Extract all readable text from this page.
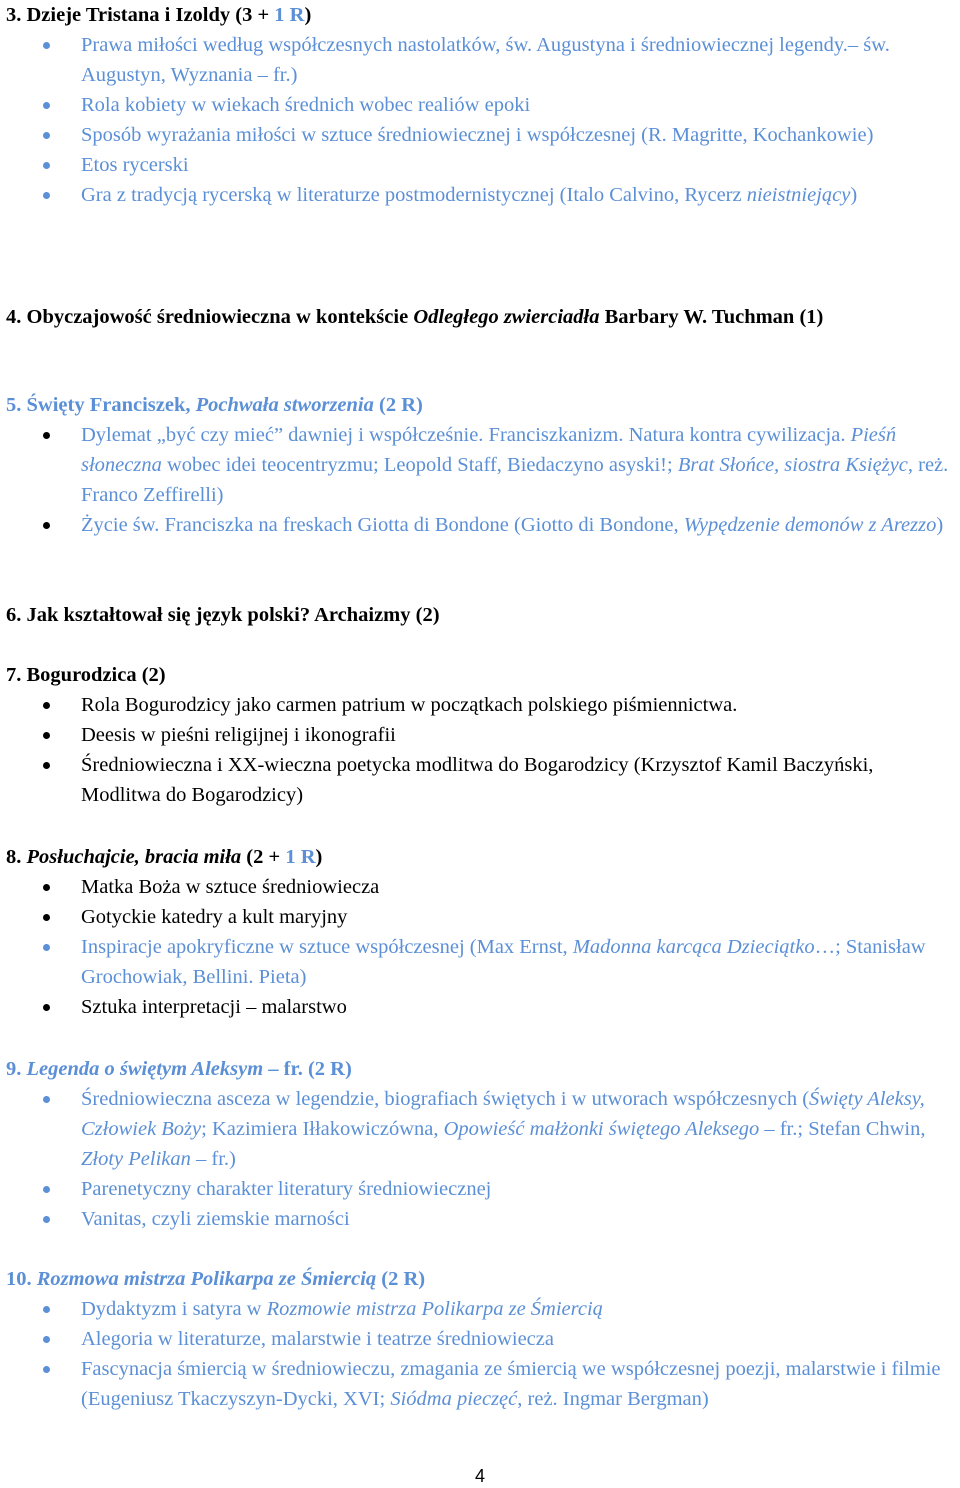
3. Dzieje Tristana i Izoldy (3 + 1 R)

Prawa miłości według współczesnych nastolatków, św. Augustyna i średniowiecznej legendy.– św. Augustyn, Wyznania – fr.)
Rola kobiety w wiekach średnich wobec realiów epoki
Sposób wyrażania miłości w sztuce średniowiecznej i współczesnej (R. Magritte, Kochankowie)
Etos rycerski
Gra z tradycją rycerską w literaturze postmodernistycznej (Italo Calvino, Rycerz nieistniejący)

4. Obyczajowość średniowieczna w kontekście Odległego zwierciadła Barbary W. Tuchman (1)

5. Święty Franciszek, Pochwała stworzenia (2 R)

Dylemat „być czy mieć” dawniej i współcześnie. Franciszkanizm. Natura kontra cywilizacja. Pieśń słoneczna wobec idei teocentryzmu; Leopold Staff, Biedaczyno asyski!; Brat Słońce, siostra Księżyc, reż. Franco Zeffirelli)
Życie św. Franciszka na freskach Giotta di Bondone (Giotto di Bondone, Wypędzenie demonów z Arezzo)

6. Jak kształtował się język polski? Archaizmy (2)

7. Bogurodzica (2)

Rola Bogurodzicy jako carmen patrium w początkach polskiego piśmiennictwa.
Deesis w pieśni religijnej i ikonografii
Średniowieczna i XX-wieczna poetycka modlitwa do Bogarodzicy (Krzysztof Kamil Baczyński, Modlitwa do Bogarodzicy)

8. Posłuchajcie, bracia miła (2 + 1 R)

Matka Boża w sztuce średniowiecza
Gotyckie katedry a kult maryjny
Inspiracje apokryficzne w sztuce współczesnej (Max Ernst, Madonna karcąca Dzieciątko…; Stanisław Grochowiak, Bellini. Pieta)
Sztuka interpretacji – malarstwo

9. Legenda o świętym Aleksym – fr. (2 R)

Średniowieczna asceza w legendzie, biografiach świętych i w utworach współczesnych (Święty Aleksy, Człowiek Boży; Kazimiera Iłłakowiczówna, Opowieść małżonki świętego Aleksego – fr.; Stefan Chwin, Złoty Pelikan – fr.)
Parenetyczny charakter literatury średniowiecznej
Vanitas, czyli ziemskie marności

10. Rozmowa mistrza Polikarpa ze Śmiercią (2 R)

Dydaktyzm i satyra w Rozmowie mistrza Polikarpa ze Śmiercią
Alegoria w literaturze, malarstwie i teatrze średniowiecza
Fascynacja śmiercią w średniowieczu, zmagania ze śmiercią we współczesnej poezji, malarstwie i filmie (Eugeniusz Tkaczyszyn-Dycki, XVI; Siódma pieczęć, reż. Ingmar Bergman)
4
